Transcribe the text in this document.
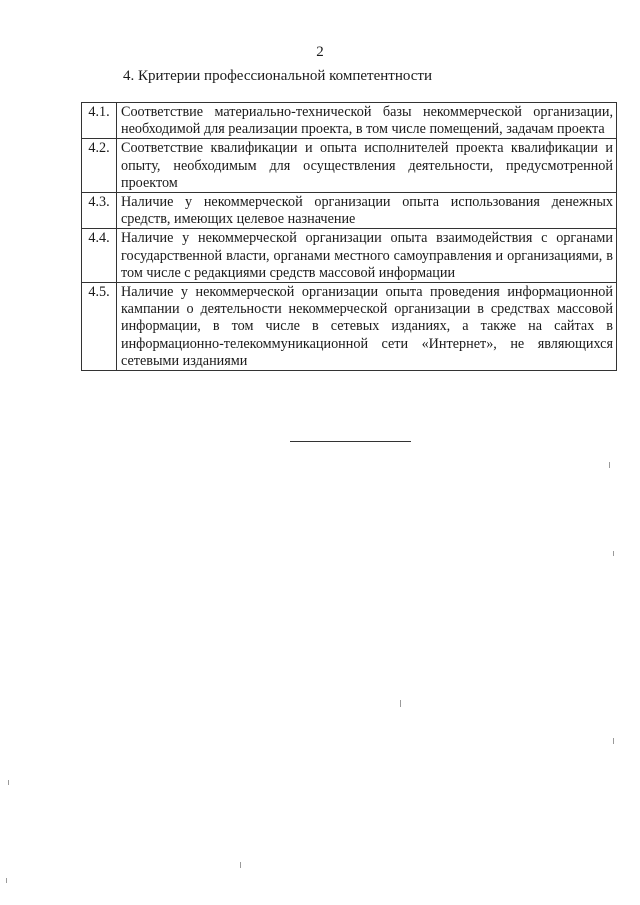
2
4. Критерии профессиональной компетентности
4.1.	Соответствие материально-технической базы некоммерческой организации, необходимой для реализации проекта, в том числе помещений, задачам проекта
4.2.	Соответствие квалификации и опыта исполнителей проекта квалификации и опыту, необходимым для осуществления деятельности, предусмотренной проектом
4.3.	Наличие у некоммерческой организации опыта использования денежных средств, имеющих целевое назначение
4.4.	Наличие у некоммерческой организации опыта взаимодействия с органами государственной власти, органами местного самоуправления и организациями, в том числе с редакциями средств массовой информации
4.5.	Наличие у некоммерческой организации опыта проведения информационной кампании о деятельности некоммерческой организации в средствах массовой информации, в том числе в сетевых изданиях, а также на сайтах в информационно-телекоммуникационной сети «Интернет», не являющихся сетевыми изданиями
